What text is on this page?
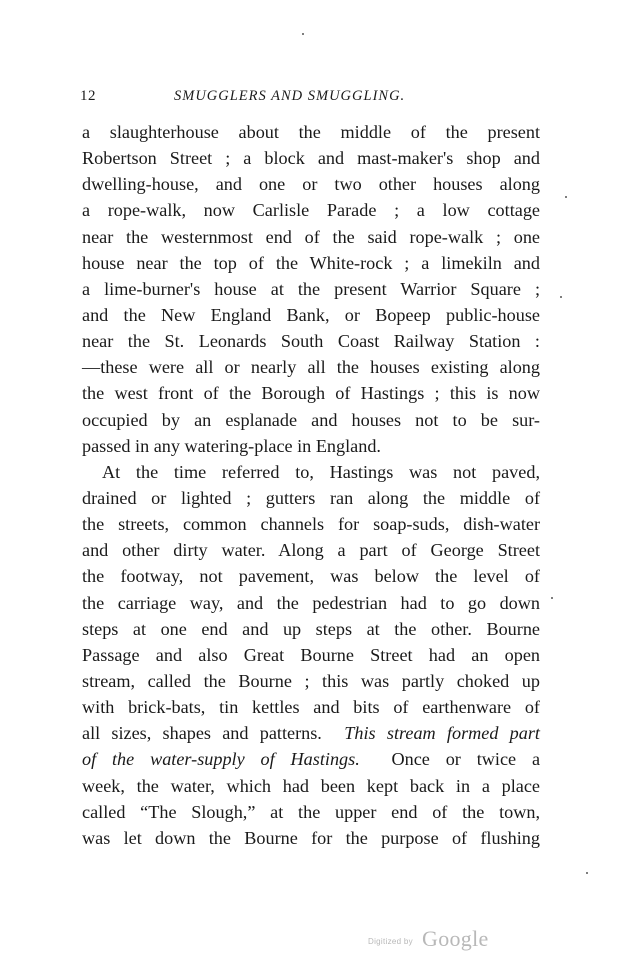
12	SMUGGLERS AND SMUGGLING.
a slaughterhouse about the middle of the present
Robertson Street ; a block and mast-maker's shop and
dwelling-house, and one or two other houses along
a rope-walk, now Carlisle Parade ; a low cottage
near the westernmost end of the said rope-walk ; one
house near the top of the White-rock ; a limekiln and
a lime-burner's house at the present Warrior Square ;
and the New England Bank, or Bopeep public-house
near the St. Leonards South Coast Railway Station :
—these were all or nearly all the houses existing along
the west front of the Borough of Hastings ; this is now
occupied by an esplanade and houses not to be sur-
passed in any watering-place in England.
At the time referred to, Hastings was not paved,
drained or lighted ; gutters ran along the middle of
the streets, common channels for soap-suds, dish-water
and other dirty water. Along a part of George Street
the footway, not pavement, was below the level of
the carriage way, and the pedestrian had to go down
steps at one end and up steps at the other. Bourne
Passage and also Great Bourne Street had an open
stream, called the Bourne ; this was partly choked up
with brick-bats, tin kettles and bits of earthenware of
all sizes, shapes and patterns. This stream formed part
of the water-supply of Hastings. Once or twice a
week, the water, which had been kept back in a place
called “The Slough,” at the upper end of the town,
was let down the Bourne for the purpose of flushing
Digitized by Google
